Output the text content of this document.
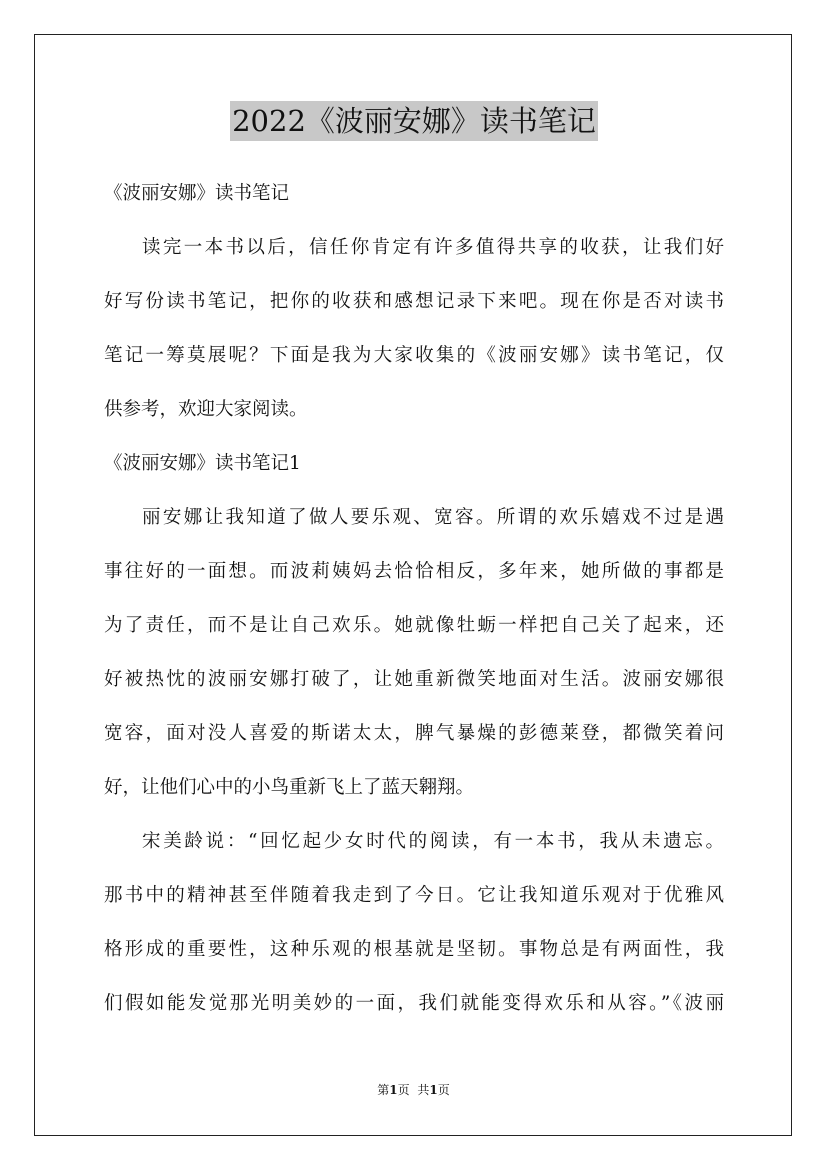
2022《波丽安娜》读书笔记
《波丽安娜》读书笔记
读完一本书以后，信任你肯定有许多值得共享的收获，让我们好
好写份读书笔记，把你的收获和感想记录下来吧。现在你是否对读书
笔记一筹莫展呢？下面是我为大家收集的《波丽安娜》读书笔记，仅
供参考，欢迎大家阅读。
《波丽安娜》读书笔记1
丽安娜让我知道了做人要乐观、宽容。所谓的欢乐嬉戏不过是遇
事往好的一面想。而波莉姨妈去恰恰相反，多年来，她所做的事都是
为了责任，而不是让自己欢乐。她就像牡蛎一样把自己关了起来，还
好被热忱的波丽安娜打破了，让她重新微笑地面对生活。波丽安娜很
宽容，面对没人喜爱的斯诺太太，脾气暴燥的彭德莱登，都微笑着问
好，让他们心中的小鸟重新飞上了蓝天翱翔。
宋美龄说：“回忆起少女时代的阅读，有一本书，我从未遗忘。
那书中的精神甚至伴随着我走到了今日。它让我知道乐观对于优雅风
格形成的重要性，这种乐观的根基就是坚韧。事物总是有两面性，我
们假如能发觉那光明美妙的一面，我们就能变得欢乐和从容。”《波丽
第1页 共1页
